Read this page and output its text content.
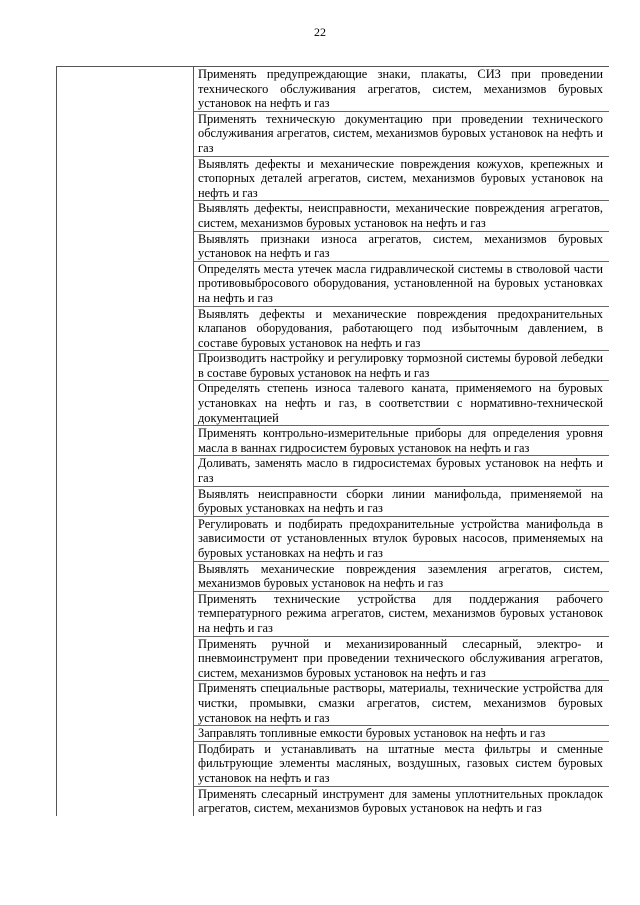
22
Применять предупреждающие знаки, плакаты, СИЗ при проведении технического обслуживания агрегатов, систем, механизмов буровых установок на нефть и газ
Применять техническую документацию при проведении технического обслуживания агрегатов, систем, механизмов буровых установок на нефть и газ
Выявлять дефекты и механические повреждения кожухов, крепежных и стопорных деталей агрегатов, систем, механизмов буровых установок на нефть и газ
Выявлять дефекты, неисправности, механические повреждения агрегатов, систем, механизмов буровых установок на нефть и газ
Выявлять признаки износа агрегатов, систем, механизмов буровых установок на нефть и газ
Определять места утечек масла гидравлической системы в стволовой части противовыбросового оборудования, установленной на буровых установках на нефть и газ
Выявлять дефекты и механические повреждения предохранительных клапанов оборудования, работающего под избыточным давлением, в составе буровых установок на нефть и газ
Производить настройку и регулировку тормозной системы буровой лебедки в составе буровых установок на нефть и газ
Определять степень износа талевого каната, применяемого на буровых установках на нефть и газ, в соответствии с нормативно-технической документацией
Применять контрольно-измерительные приборы для определения уровня масла в ваннах гидросистем буровых установок на нефть и газ
Доливать, заменять масло в гидросистемах буровых установок на нефть и газ
Выявлять неисправности сборки линии манифольда, применяемой на буровых установках на нефть и газ
Регулировать и подбирать предохранительные устройства манифольда в зависимости от установленных втулок буровых насосов, применяемых на буровых установках на нефть и газ
Выявлять механические повреждения заземления агрегатов, систем, механизмов буровых установок на нефть и газ
Применять технические устройства для поддержания рабочего температурного режима агрегатов, систем, механизмов буровых установок на нефть и газ
Применять ручной и механизированный слесарный, электро- и пневмоинструмент при проведении технического обслуживания агрегатов, систем, механизмов буровых установок на нефть и газ
Применять специальные растворы, материалы, технические устройства для чистки, промывки, смазки агрегатов, систем, механизмов буровых установок на нефть и газ
Заправлять топливные емкости буровых установок на нефть и газ
Подбирать и устанавливать на штатные места фильтры и сменные фильтрующие элементы масляных, воздушных, газовых систем буровых установок на нефть и газ
Применять слесарный инструмент для замены уплотнительных прокладок агрегатов, систем, механизмов буровых установок на нефть и газ
